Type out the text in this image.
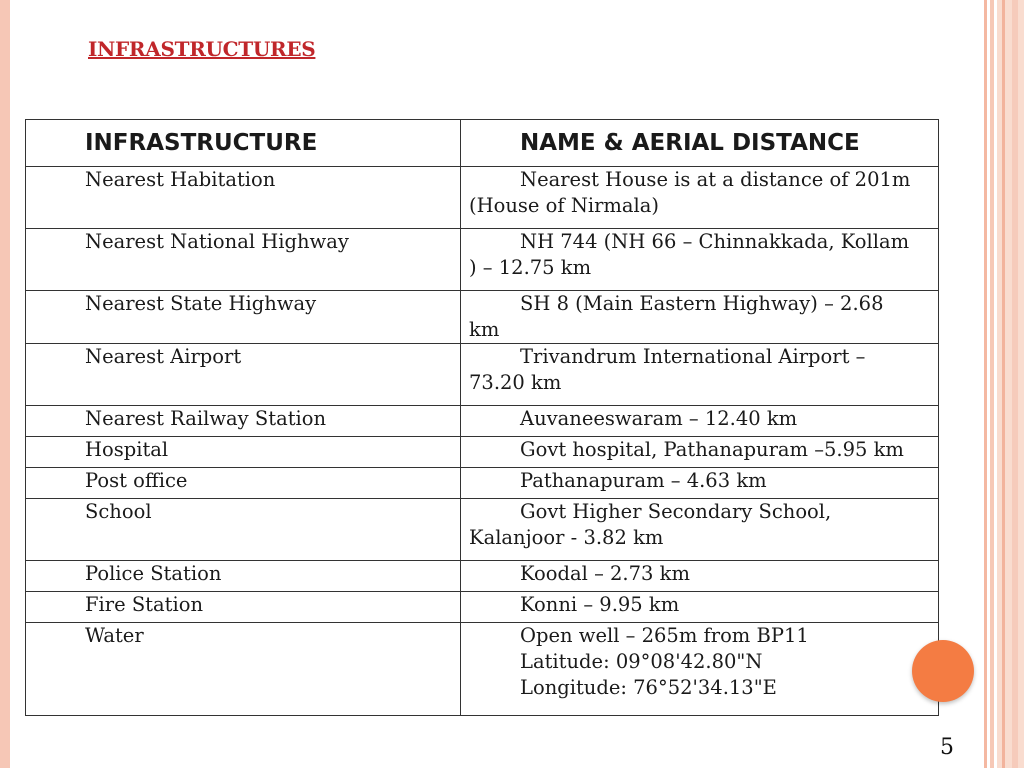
INFRASTRUCTURES
INFRASTRUCTURE	NAME & AERIAL DISTANCE
Nearest Habitation	Nearest House is at a distance of 201m (House of Nirmala)

Nearest National Highway	NH 744 (NH 66 – Chinnakkada, Kollam ) – 12.75 km

Nearest State Highway	SH 8 (Main Eastern Highway) – 2.68 km

Nearest Airport	Trivandrum International Airport – 73.20 km

Nearest Railway Station	Auvaneeswaram – 12.40 km

Hospital	Govt hospital, Pathanapuram –5.95 km

Post office	Pathanapuram – 4.63 km

School	Govt Higher Secondary School, Kalanjoor - 3.82 km

Police Station	Koodal – 2.73 km

Fire Station	Konni – 9.95 km

Water	Open well – 265m from BP11
Latitude: 09°08'42.80"N
Longitude: 76°52'34.13"E
5
